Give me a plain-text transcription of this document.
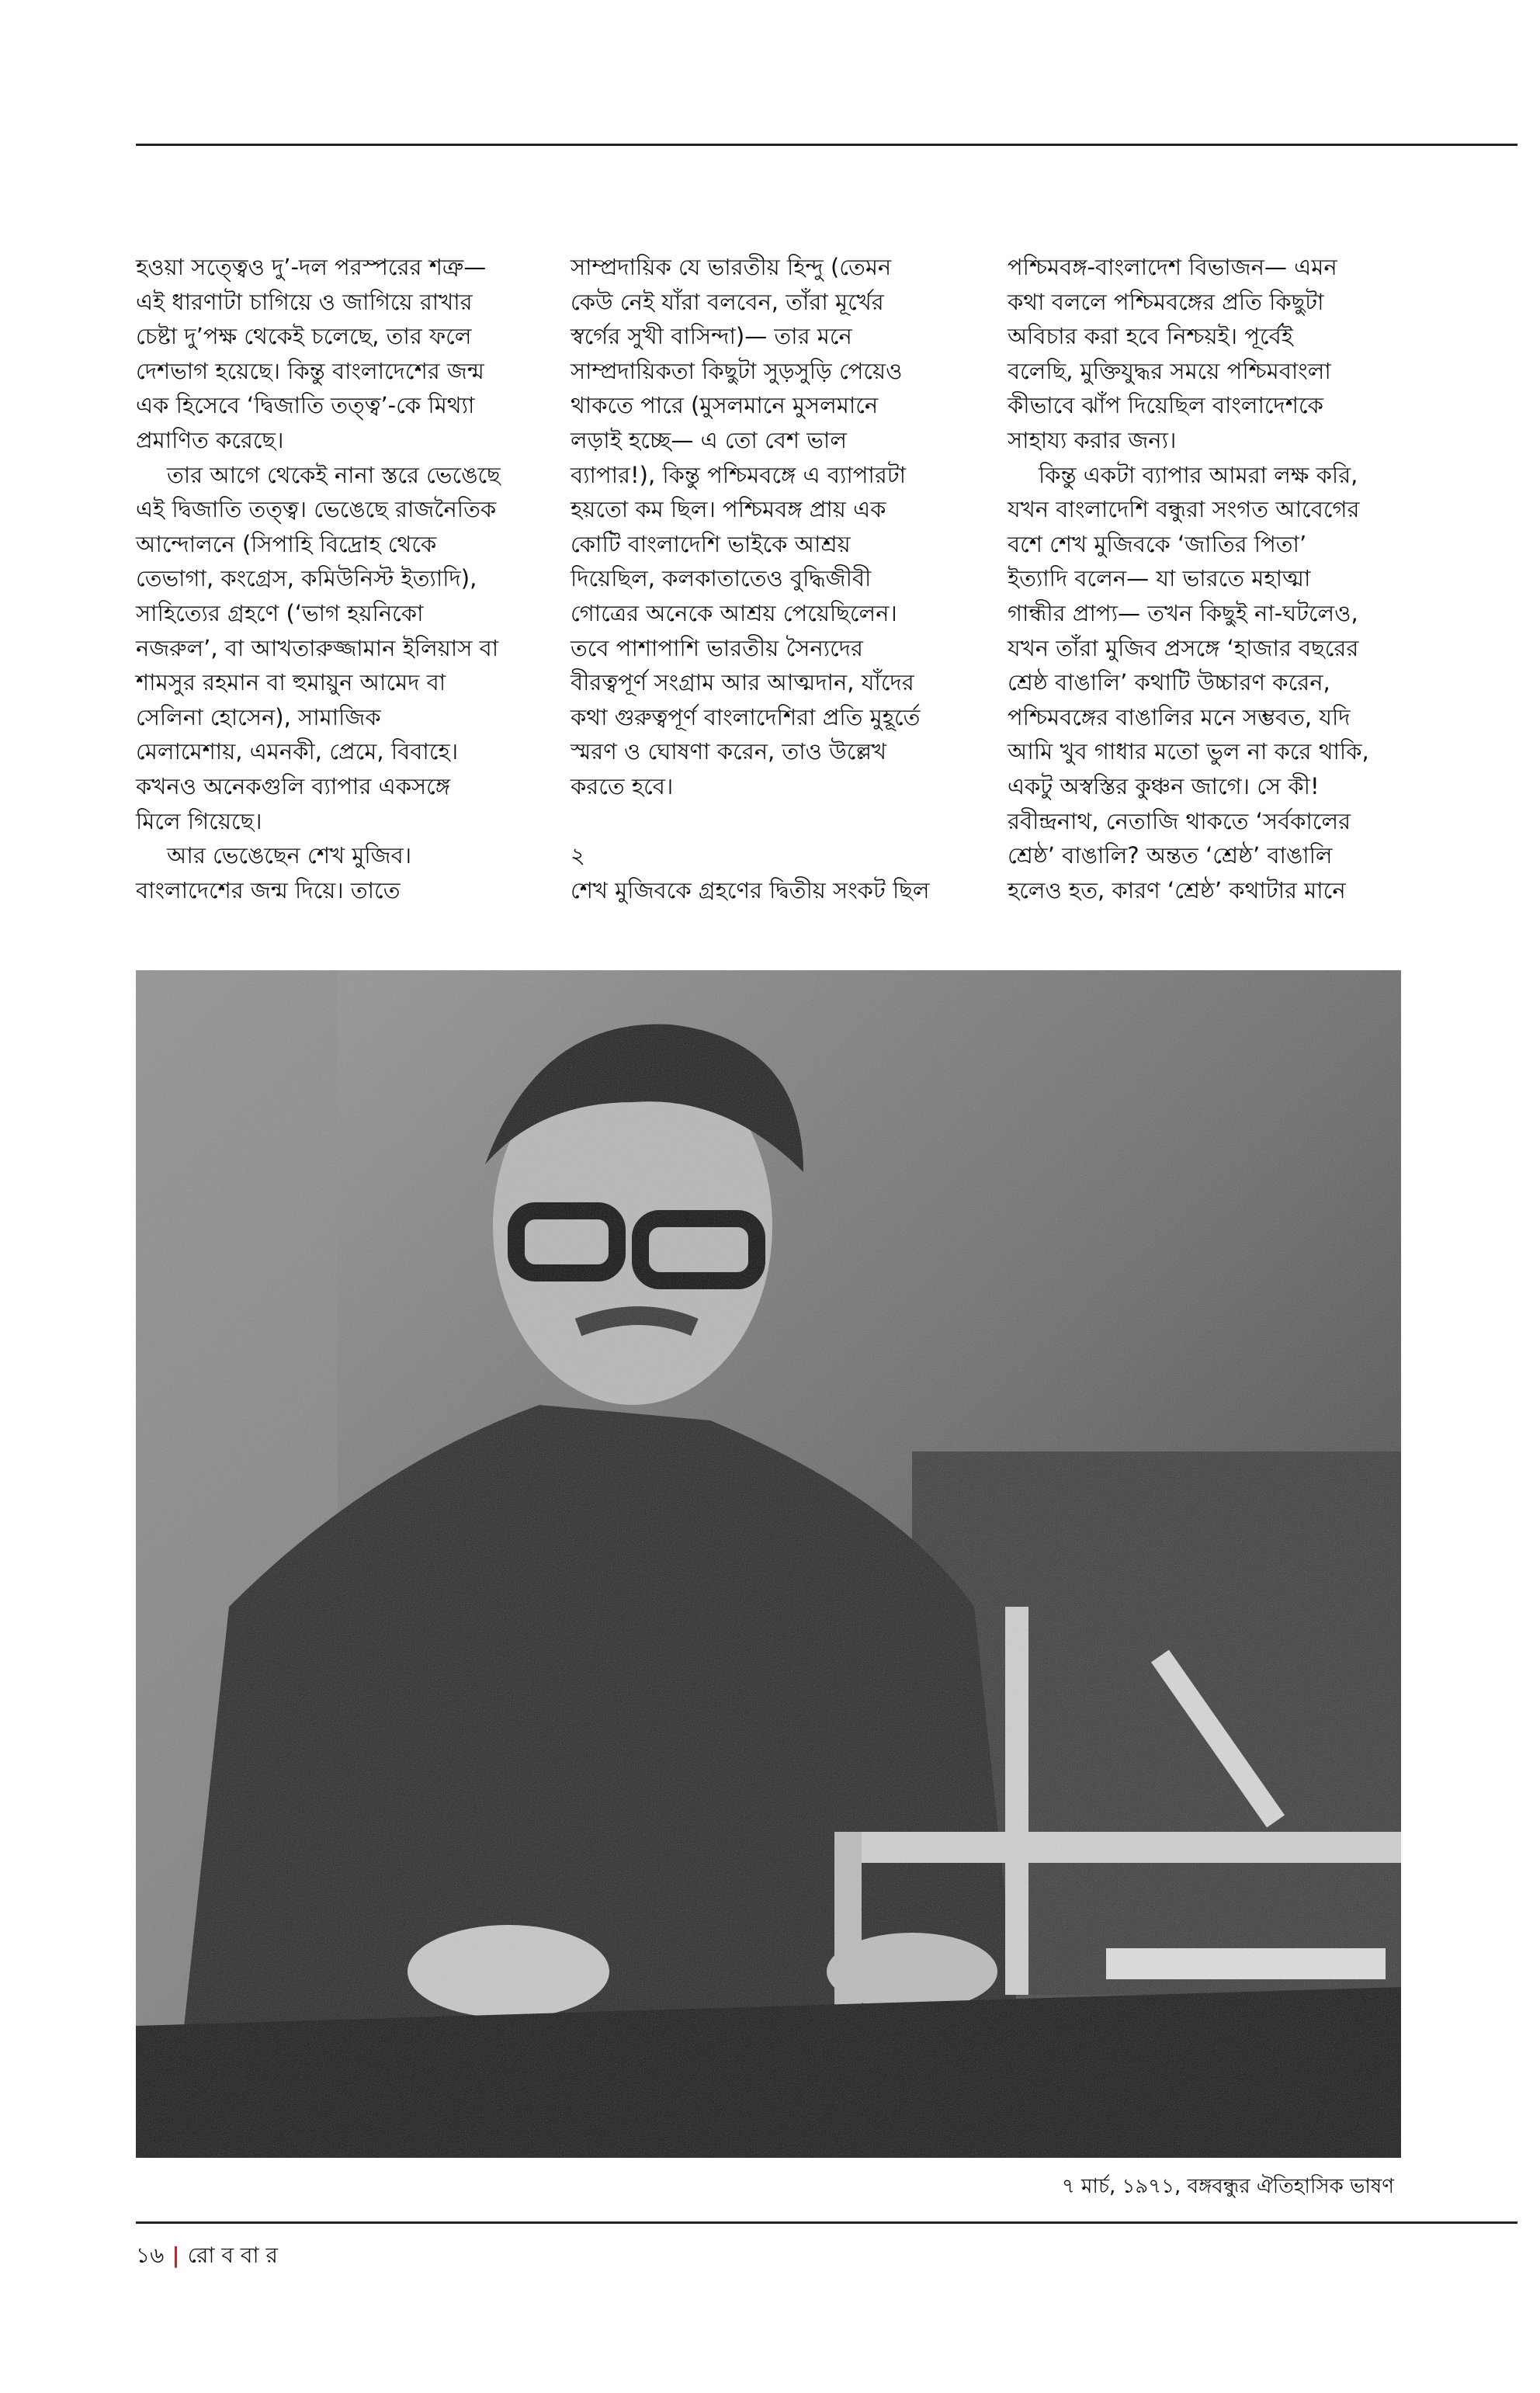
হওয়া সত্ত্বেও দু’-দল পরস্পরের শত্রু—
এই ধারণাটা চাগিয়ে ও জাগিয়ে রাখার
চেষ্টা দু’পক্ষ থেকেই চলেছে, তার ফলে
দেশভাগ হয়েছে। কিন্তু বাংলাদেশের জন্ম
এক হিসেবে ‘দ্বিজাতি তত্ত্ব’-কে মিথ্যা
প্রমাণিত করেছে।
তার আগে থেকেই নানা স্তরে ভেঙেছে
এই দ্বিজাতি তত্ত্ব। ভেঙেছে রাজনৈতিক
আন্দোলনে (সিপাহি বিদ্রোহ থেকে
তেভাগা, কংগ্রেস, কমিউনিস্ট ইত্যাদি),
সাহিত্যের গ্রহণে (‘ভাগ হয়নিকো
নজরুল’, বা আখতারুজ্জামান ইলিয়াস বা
শামসুর রহমান বা হুমায়ুন আমেদ বা
সেলিনা হোসেন), সামাজিক
মেলামেশায়, এমনকী, প্রেমে, বিবাহে।
কখনও অনেকগুলি ব্যাপার একসঙ্গে
মিলে গিয়েছে।
আর ভেঙেছেন শেখ মুজিব।
বাংলাদেশের জন্ম দিয়ে। তাতে
সাম্প্রদায়িক যে ভারতীয় হিন্দু (তেমন
কেউ নেই যাঁরা বলবেন, তাঁরা মূর্খের
স্বর্গের সুখী বাসিন্দা)— তার মনে
সাম্প্রদায়িকতা কিছুটা সুড়সুড়ি পেয়েও
থাকতে পারে (মুসলমানে মুসলমানে
লড়াই হচ্ছে— এ তো বেশ ভাল
ব্যাপার!), কিন্তু পশ্চিমবঙ্গে এ ব্যাপারটা
হয়তো কম ছিল। পশ্চিমবঙ্গ প্রায় এক
কোটি বাংলাদেশি ভাইকে আশ্রয়
দিয়েছিল, কলকাতাতেও বুদ্ধিজীবী
গোত্রের অনেকে আশ্রয় পেয়েছিলেন।
তবে পাশাপাশি ভারতীয় সৈন্যদের
বীরত্বপূর্ণ সংগ্রাম আর আত্মদান, যাঁদের
কথা গুরুত্বপূর্ণ বাংলাদেশিরা প্রতি মুহূর্তে
স্মরণ ও ঘোষণা করেন, তাও উল্লেখ
করতে হবে।
২
শেখ মুজিবকে গ্রহণের দ্বিতীয় সংকট ছিল
পশ্চিমবঙ্গ-বাংলাদেশ বিভাজন— এমন
কথা বললে পশ্চিমবঙ্গের প্রতি কিছুটা
অবিচার করা হবে নিশ্চয়ই। পূর্বেই
বলেছি, মুক্তিযুদ্ধর সময়ে পশ্চিমবাংলা
কীভাবে ঝাঁপ দিয়েছিল বাংলাদেশকে
সাহায্য করার জন্য।
কিন্তু একটা ব্যাপার আমরা লক্ষ করি,
যখন বাংলাদেশি বন্ধুরা সংগত আবেগের
বশে শেখ মুজিবকে ‘জাতির পিতা’
ইত্যাদি বলেন— যা ভারতে মহাত্মা
গান্ধীর প্রাপ্য— তখন কিছুই না-ঘটলেও,
যখন তাঁরা মুজিব প্রসঙ্গে ‘হাজার বছরের
শ্রেষ্ঠ বাঙালি’ কথাটি উচ্চারণ করেন,
পশ্চিমবঙ্গের বাঙালির মনে সম্ভবত, যদি
আমি খুব গাধার মতো ভুল না করে থাকি,
একটু অস্বস্তির কুঞ্চন জাগে। সে কী!
রবীন্দ্রনাথ, নেতাজি থাকতে ‘সর্বকালের
শ্রেষ্ঠ’ বাঙালি? অন্তত ‘শ্রেষ্ঠ’ বাঙালি
হলেও হত, কারণ ‘শ্রেষ্ঠ’ কথাটার মানে
৭ মার্চ, ১৯৭১, বঙ্গবন্ধুর ঐতিহাসিক ভাষণ
১৬ | রো ব বা র
